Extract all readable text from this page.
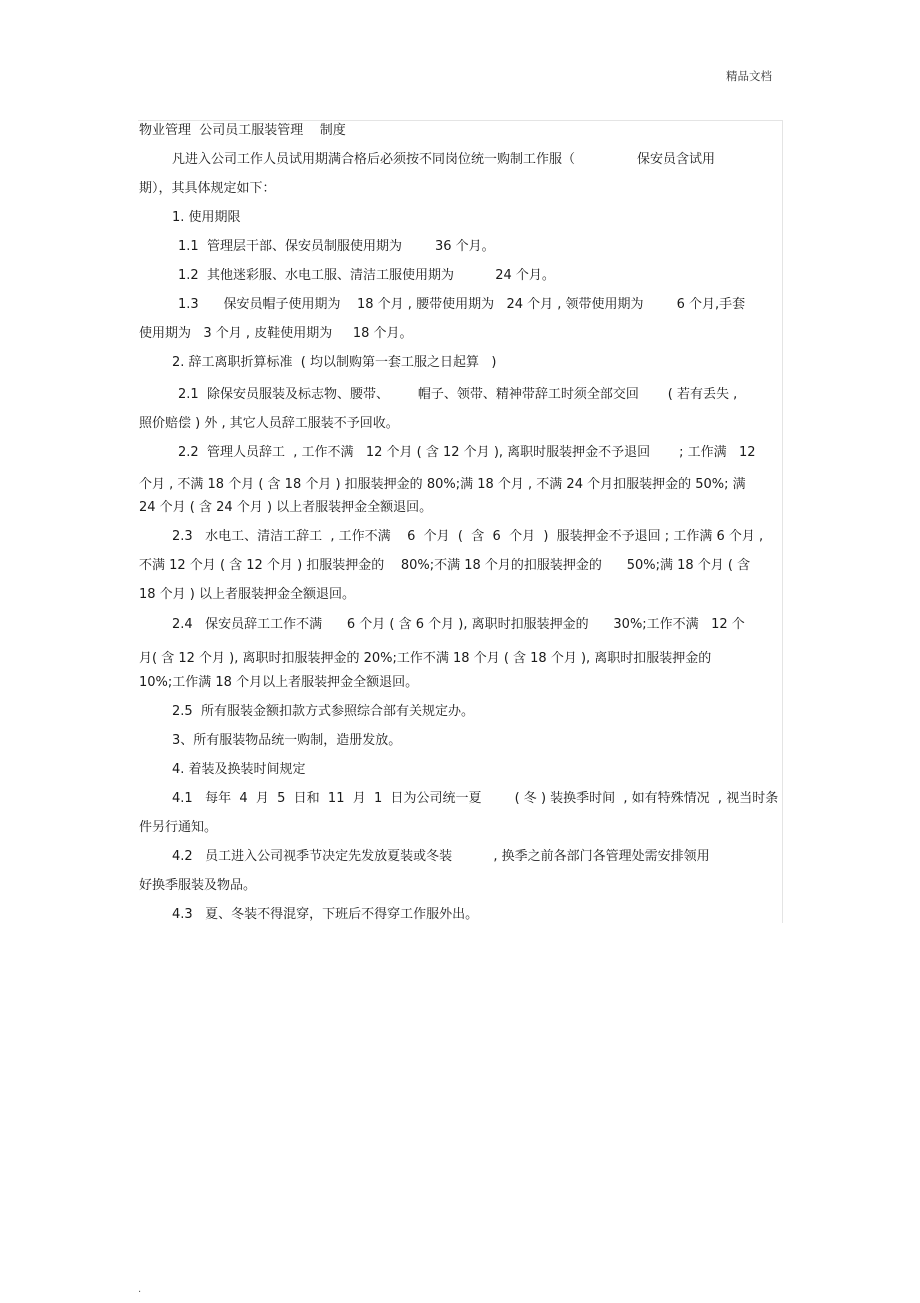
精品文档
物业管理  公司员工服装管理    制度
凡进入公司工作人员试用期满合格后必须按不同岗位统一购制工作服（               保安员含试用
期），其具体规定如下：
1. 使用期限
1.1  管理层干部、保安员制服使用期为        36 个月。
1.2  其他迷彩服、水电工服、清洁工服使用期为          24 个月。
1.3      保安员帽子使用期为    18 个月 , 腰带使用期为   24 个月 , 领带使用期为        6 个月,手套
使用期为   3 个月 , 皮鞋使用期为     18 个月。
2. 辞工离职折算标准  ( 均以制购第一套工服之日起算   )
2.1  除保安员服装及标志物、腰带、       帽子、领带、精神带辞工时须全部交回       ( 若有丢失 ,
照价赔偿 ) 外 , 其它人员辞工服装不予回收。
2.2  管理人员辞工  , 工作不满   12 个月 ( 含 12 个月 ), 离职时服装押金不予退回       ; 工作满   12
个月 , 不满 18 个月 ( 含 18 个月 ) 扣服装押金的 80%;满 18 个月 , 不满 24 个月扣服装押金的 50%; 满
24 个月 ( 含 24 个月 ) 以上者服装押金全额退回。
2.3   水电工、清洁工辞工  , 工作不满    6  个月  (  含  6  个月  )  服装押金不予退回 ; 工作满 6 个月 ,
不满 12 个月 ( 含 12 个月 ) 扣服装押金的    80%;不满 18 个月的扣服装押金的      50%;满 18 个月 ( 含
18 个月 ) 以上者服装押金全额退回。
2.4   保安员辞工工作不满      6 个月 ( 含 6 个月 ), 离职时扣服装押金的      30%;工作不满   12 个
月( 含 12 个月 ), 离职时扣服装押金的 20%;工作不满 18 个月 ( 含 18 个月 ), 离职时扣服装押金的
10%;工作满 18 个月以上者服装押金全额退回。
2.5  所有服装金额扣款方式参照综合部有关规定办。
3、所有服装物品统一购制，造册发放。
4. 着装及换装时间规定
4.1   每年  4  月  5  日和  11  月  1  日为公司统一夏        ( 冬 ) 装换季时间  , 如有特殊情况  , 视当时条
件另行通知。
4.2   员工进入公司视季节决定先发放夏装或冬装          , 换季之前各部门各管理处需安排领用
好换季服装及物品。
4.3   夏、冬装不得混穿，下班后不得穿工作服外出。
.
